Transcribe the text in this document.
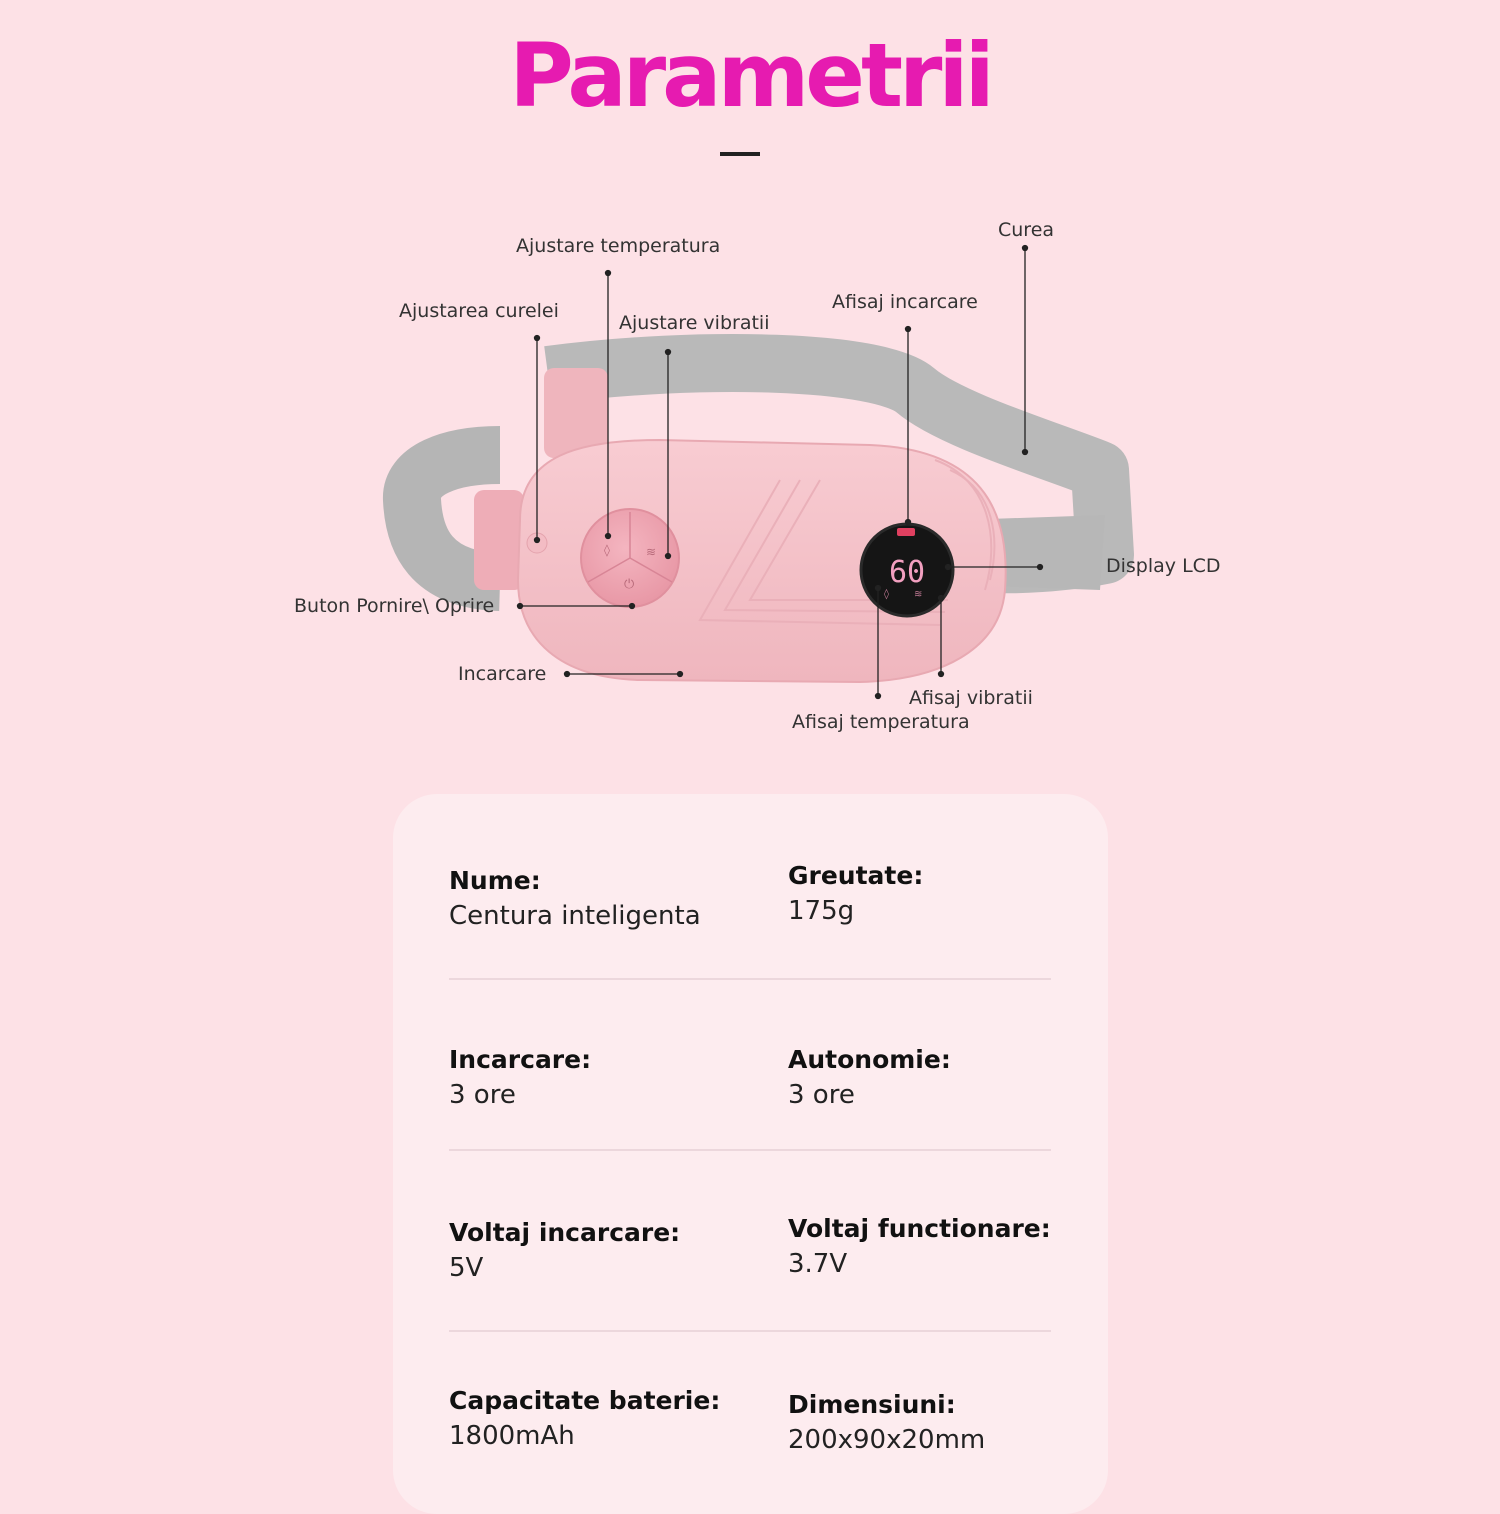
Parametrii
◊	≋
⏻	60
◊	≋
Ajustare temperatura
Curea
Ajustarea curelei
Ajustare vibratii
Afisaj incarcare
Display LCD
Buton Pornire\ Oprire
Incarcare
Afisaj vibratii
Afisaj temperatura
Nume:
Centura inteligenta
Greutate:
175g
Incarcare:
3 ore
Autonomie:
3 ore
Voltaj incarcare:
5V
Voltaj functionare:
3.7V
Capacitate baterie:
1800mAh
Dimensiuni:
200x90x20mm
